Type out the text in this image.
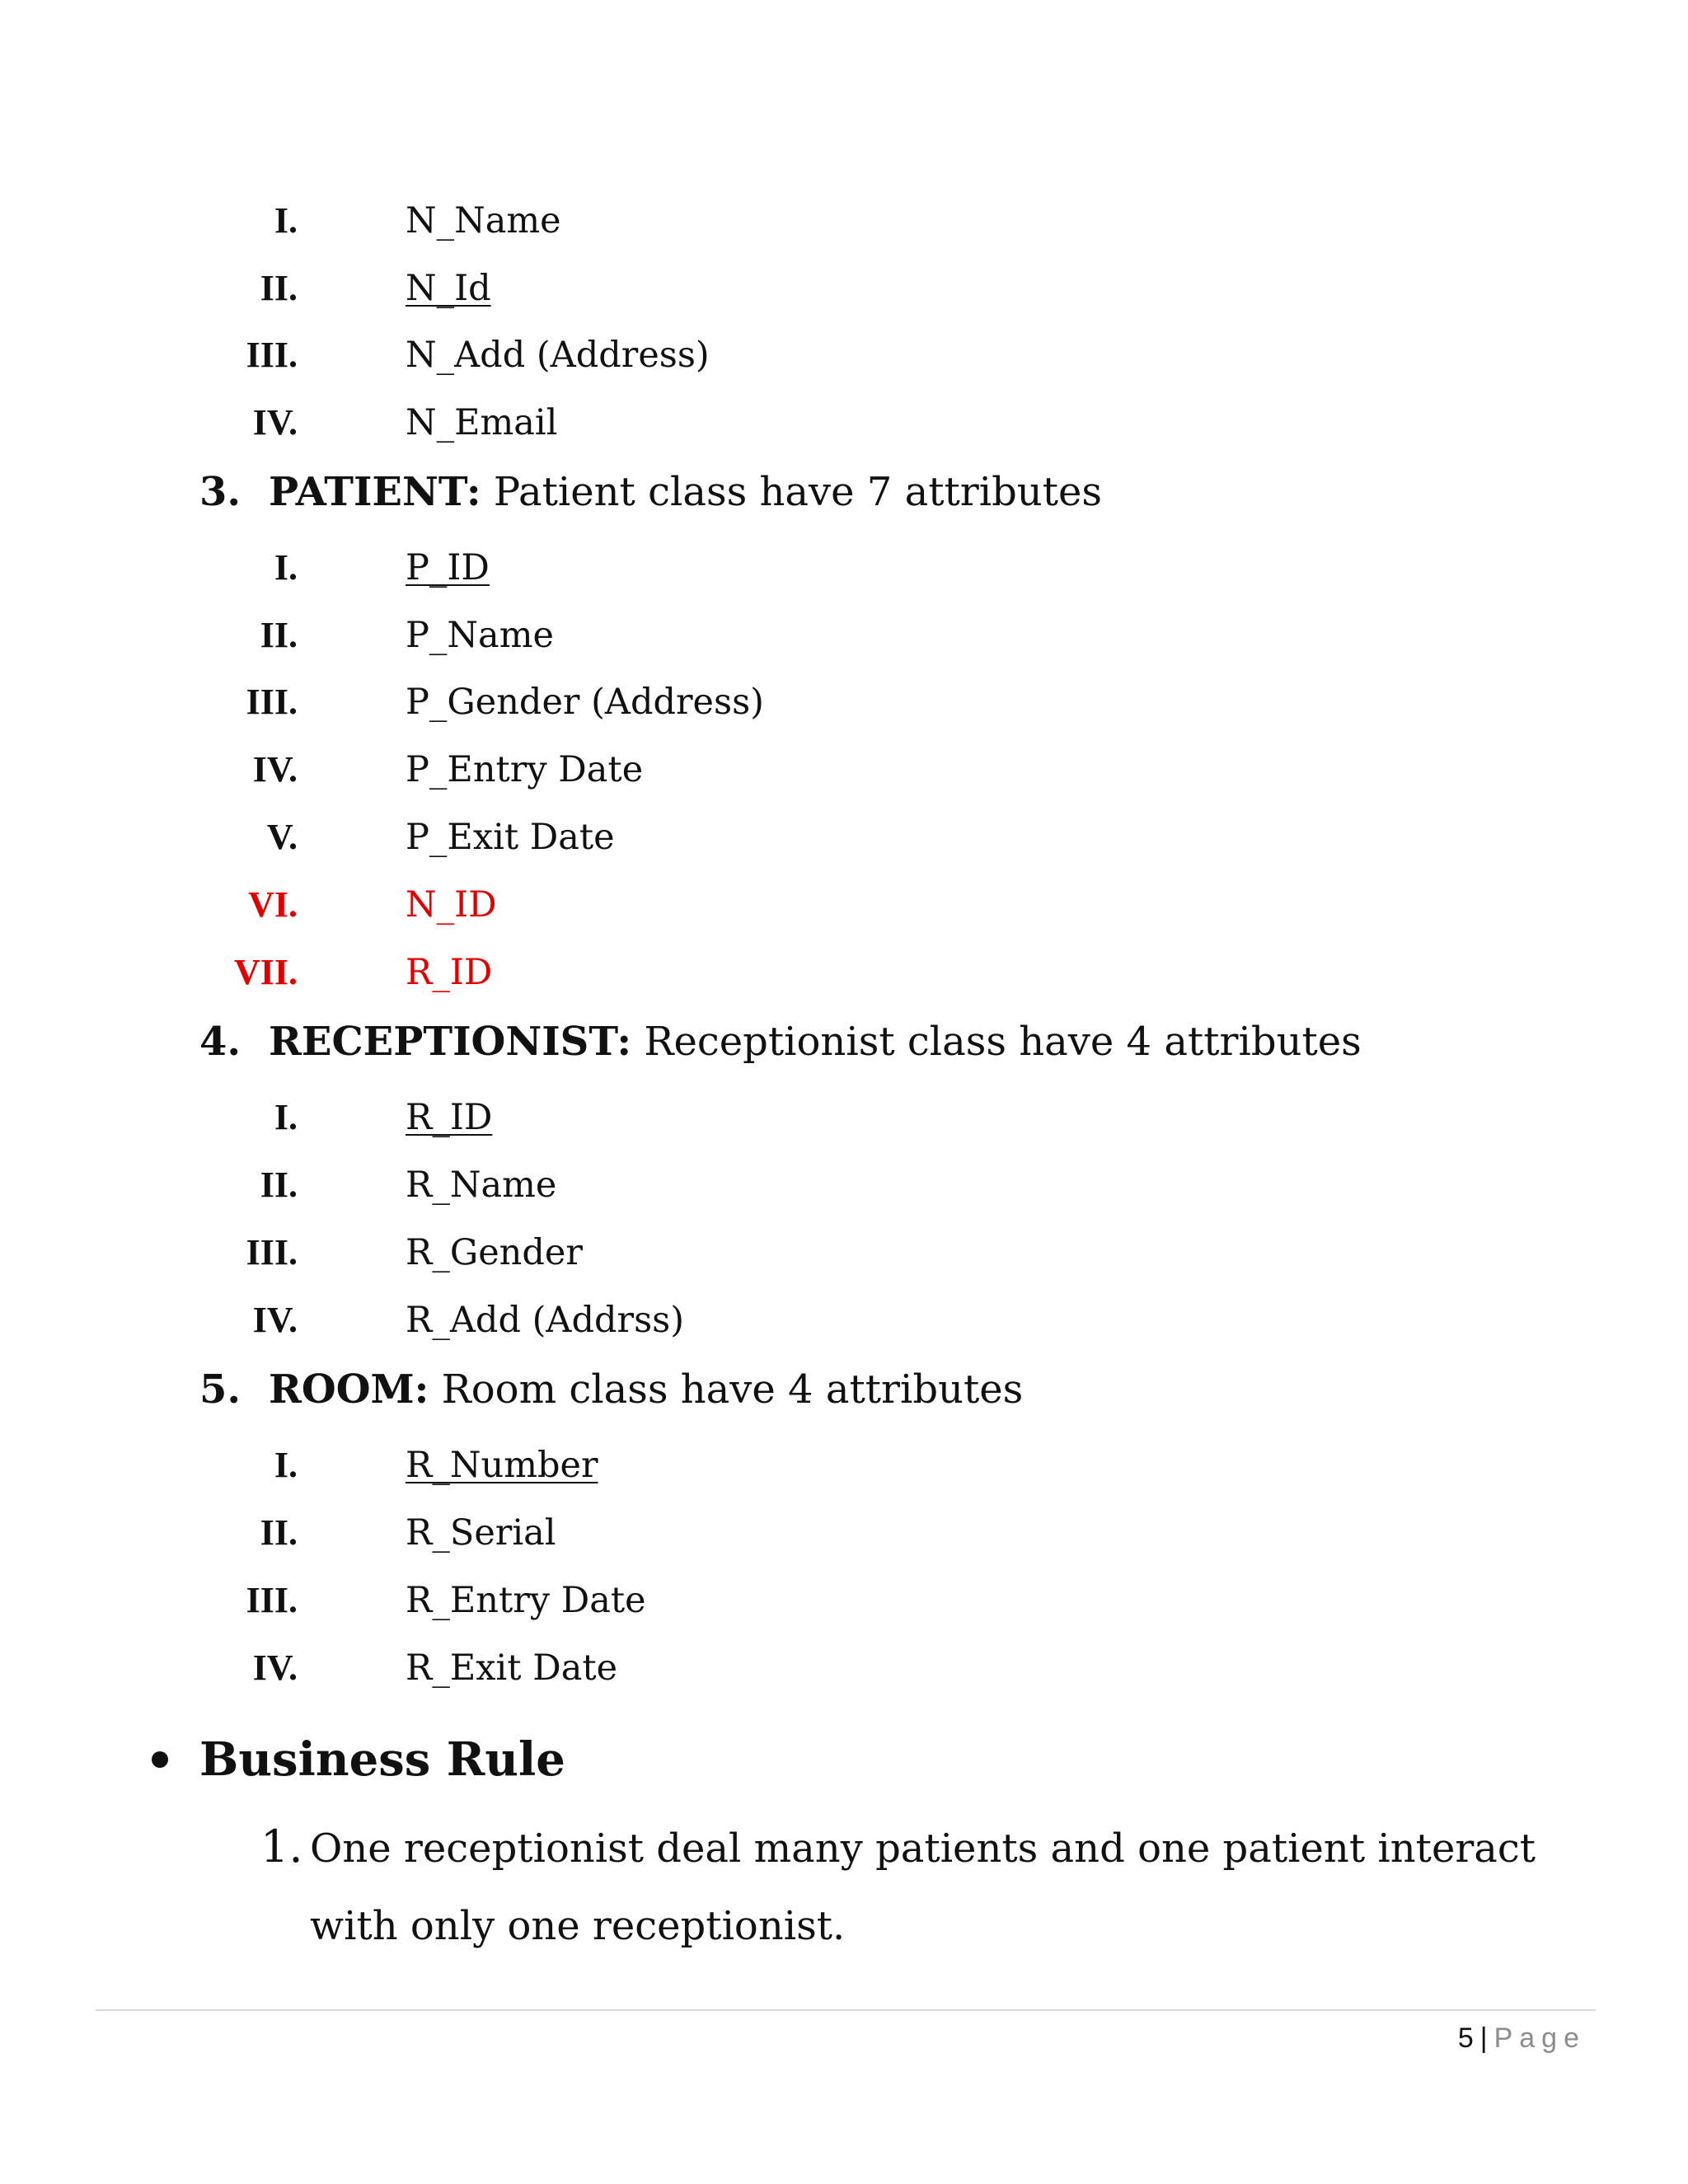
I.	N_Name
II.	N_Id
III.	N_Add (Address)
IV.	N_Email
3. PATIENT: Patient class have 7 attributes
I.	P_ID
II.	P_Name
III.	P_Gender (Address)
IV.	P_Entry Date
V.	P_Exit Date
VI.	N_ID
VII.	R_ID
4. RECEPTIONIST: Receptionist class have 4 attributes
I.	R_ID
II.	R_Name
III.	R_Gender
IV.	R_Add (Addrss)
5. ROOM: Room class have 4 attributes
I.	R_Number
II.	R_Serial
III.	R_Entry Date
IV.	R_Exit Date
Business Rule
1. One receptionist deal many patients and one patient interact with only one receptionist.
5 | Page
